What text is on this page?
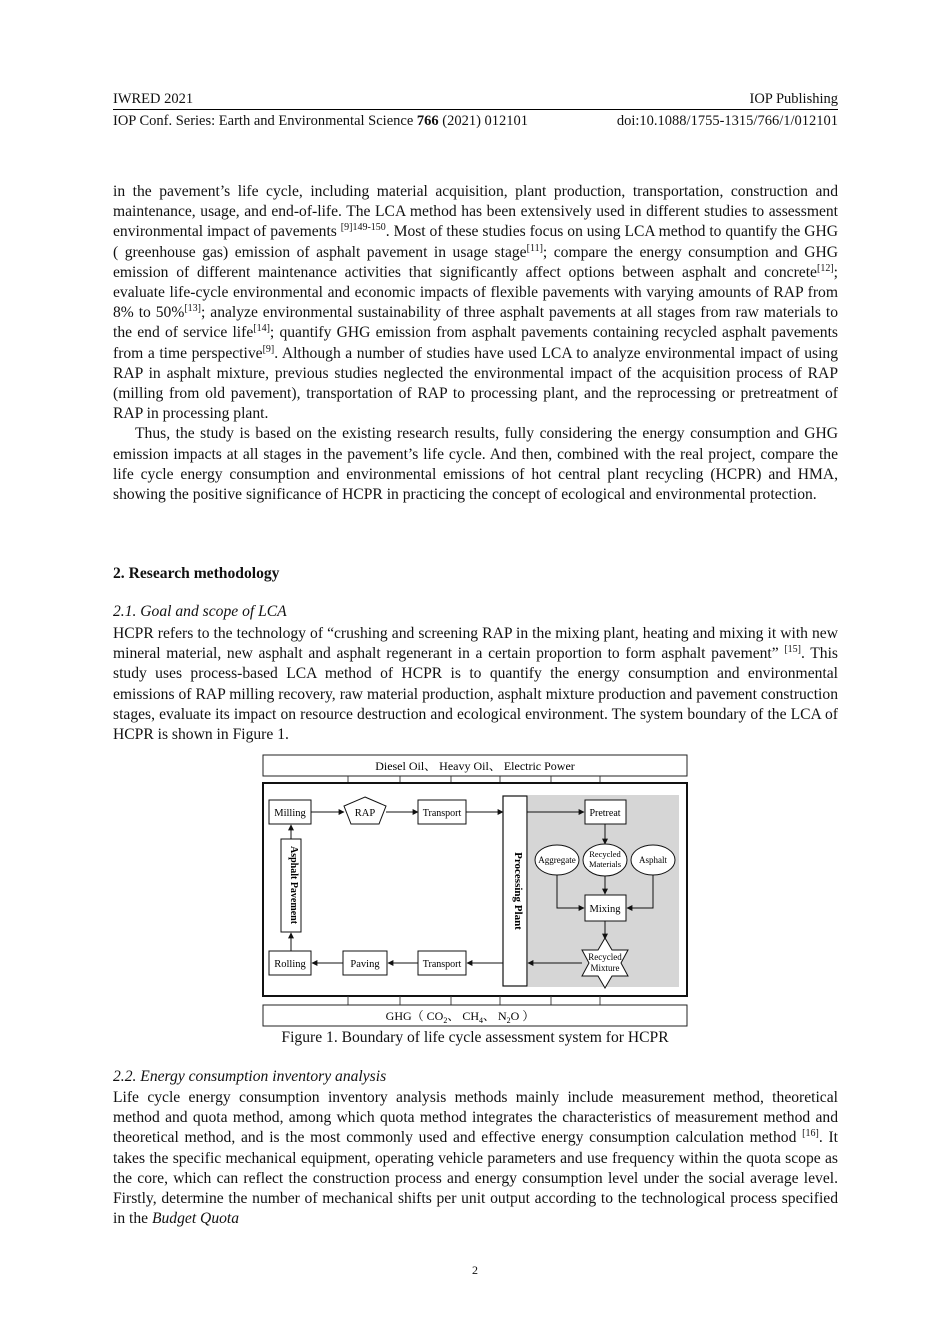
IWRED 2021	IOP Publishing
IOP Conf. Series: Earth and Environmental Science 766 (2021) 012101	doi:10.1088/1755-1315/766/1/012101

in the pavement’s life cycle, including material acquisition, plant production, transportation, construction and maintenance, usage, and end-of-life. The LCA method has been extensively used in different studies to assessment environmental impact of pavements $^{[9]149-150}$. Most of these studies focus on using LCA method to quantify the GHG ( greenhouse gas) emission of asphalt pavement in usage stage[11]; compare the energy consumption and GHG emission of different maintenance activities that significantly affect options between asphalt and concrete[12]; evaluate life-cycle environmental and economic impacts of flexible pavements with varying amounts of RAP from 8% to 50%[13]; analyze environmental sustainability of three asphalt pavements at all stages from raw materials to the end of service life[14]; quantify GHG emission from asphalt pavements containing recycled asphalt pavements from a time perspective[9]. Although a number of studies have used LCA to analyze environmental impact of using RAP in asphalt mixture, previous studies neglected the environmental impact of the acquisition process of RAP (milling from old pavement), transportation of RAP to processing plant, and the reprocessing or pretreatment of RAP in processing plant.

Thus, the study is based on the existing research results, fully considering the energy consumption and GHG emission impacts at all stages in the pavement’s life cycle. And then, combined with the real project, compare the life cycle energy consumption and environmental emissions of hot central plant recycling (HCPR) and HMA, showing the positive significance of HCPR in practicing the concept of ecological and environmental protection.

2. Research methodology
2.1. Goal and scope of LCA

HCPR refers to the technology of “crushing and screening RAP in the mixing plant, heating and mixing it with new mineral material, new asphalt and asphalt regenerant in a certain proportion to form asphalt pavement” [15]. This study uses process-based LCA method of HCPR is to quantify the energy consumption and environmental emissions of RAP milling recovery, raw material production, asphalt mixture production and pavement construction stages, evaluate its impact on resource destruction and ecological environment. The system boundary of the LCA of HCPR is shown in Figure 1.

Diesel Oil、 Heavy Oil、 Electric Power
Processing Plant
Milling	RAP	Transport	Pretreat
Aggregate
Recycled
Materials Asphalt
Mixing
Recycled
Mixture
Asphalt Pavement
Rolling	Paving	Transport
GHG（ $CO_2$、 $CH_4$、 $N_2O$ ）
Figure 1. Boundary of life cycle assessment system for HCPR
2.2. Energy consumption inventory analysis

Life cycle energy consumption inventory analysis methods mainly include measurement method, theoretical method and quota method, among which quota method integrates the characteristics of measurement method and theoretical method, and is the most commonly used and effective energy consumption calculation method [16]. It takes the specific mechanical equipment, operating vehicle parameters and use frequency within the quota scope as the core, which can reflect the construction process and energy consumption level under the social average level. Firstly, determine the number of mechanical shifts per unit output according to the technological process specified in the Budget Quota

2
